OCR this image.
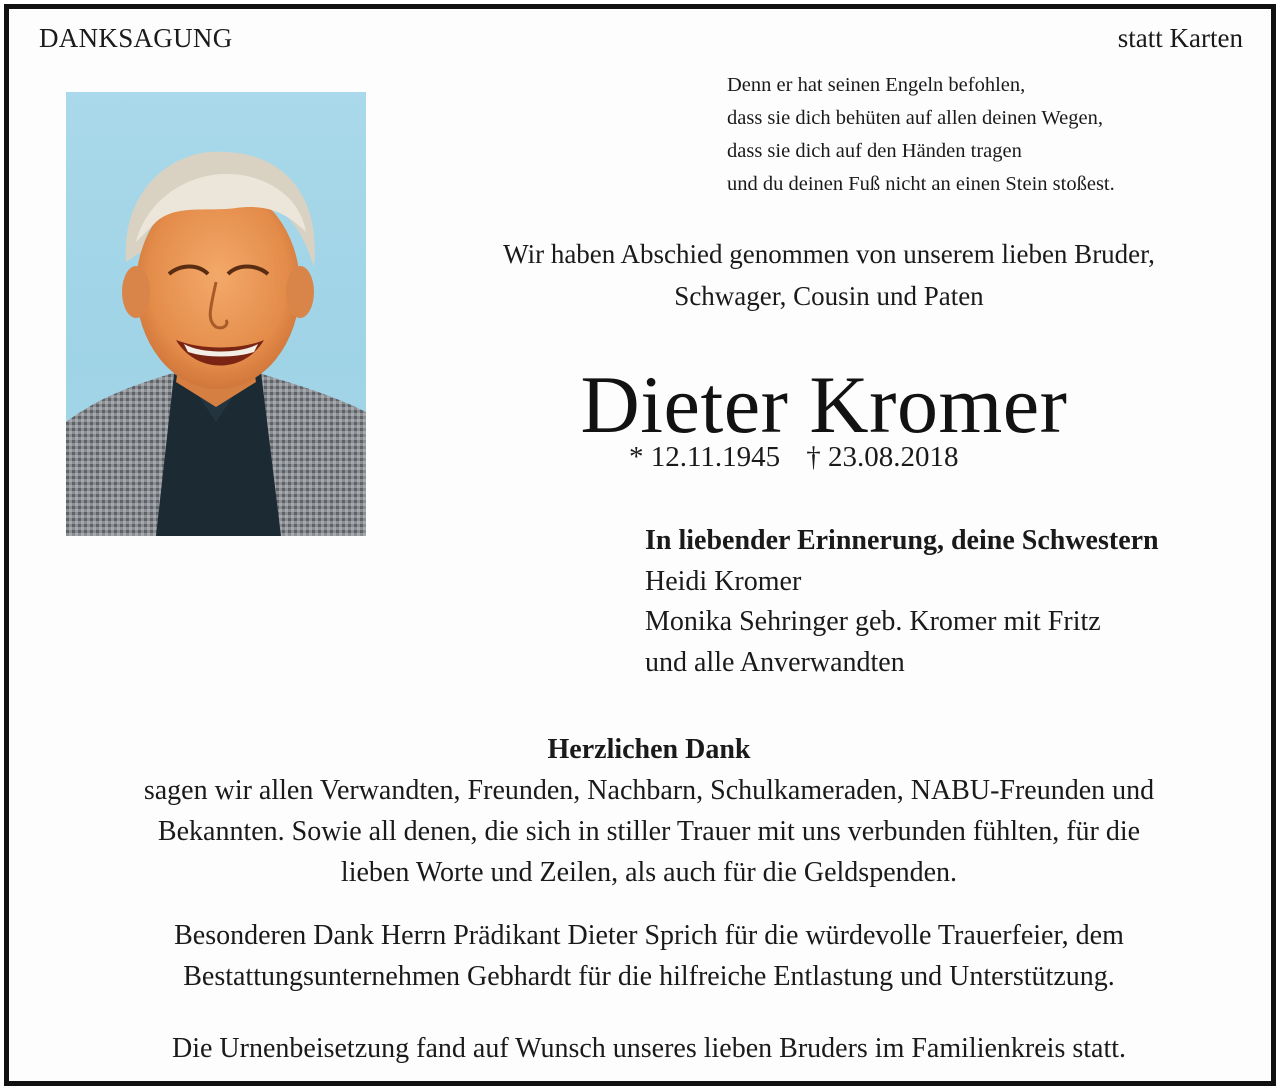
DANKSAGUNG	statt Karten
Denn er hat seinen Engeln befohlen,
dass sie dich behüten auf allen deinen Wegen,
dass sie dich auf den Händen tragen
und du deinen Fuß nicht an einen Stein stoßest.
Wir haben Abschied genommen von unserem lieben Bruder,
Schwager, Cousin und Paten
Dieter Kromer
* 12.11.1945 † 23.08.2018
In liebender Erinnerung, deine Schwestern
Heidi Kromer
Monika Sehringer geb. Kromer mit Fritz
und alle Anverwandten
Herzlichen Dank
sagen wir allen Verwandten, Freunden, Nachbarn, Schulkameraden, NABU-Freunden und
Bekannten. Sowie all denen, die sich in stiller Trauer mit uns verbunden fühlten, für die
lieben Worte und Zeilen, als auch für die Geldspenden.
Besonderen Dank Herrn Prädikant Dieter Sprich für die würdevolle Trauerfeier, dem
Bestattungsunternehmen Gebhardt für die hilfreiche Entlastung und Unterstützung.
Die Urnenbeisetzung fand auf Wunsch unseres lieben Bruders im Familienkreis statt.
